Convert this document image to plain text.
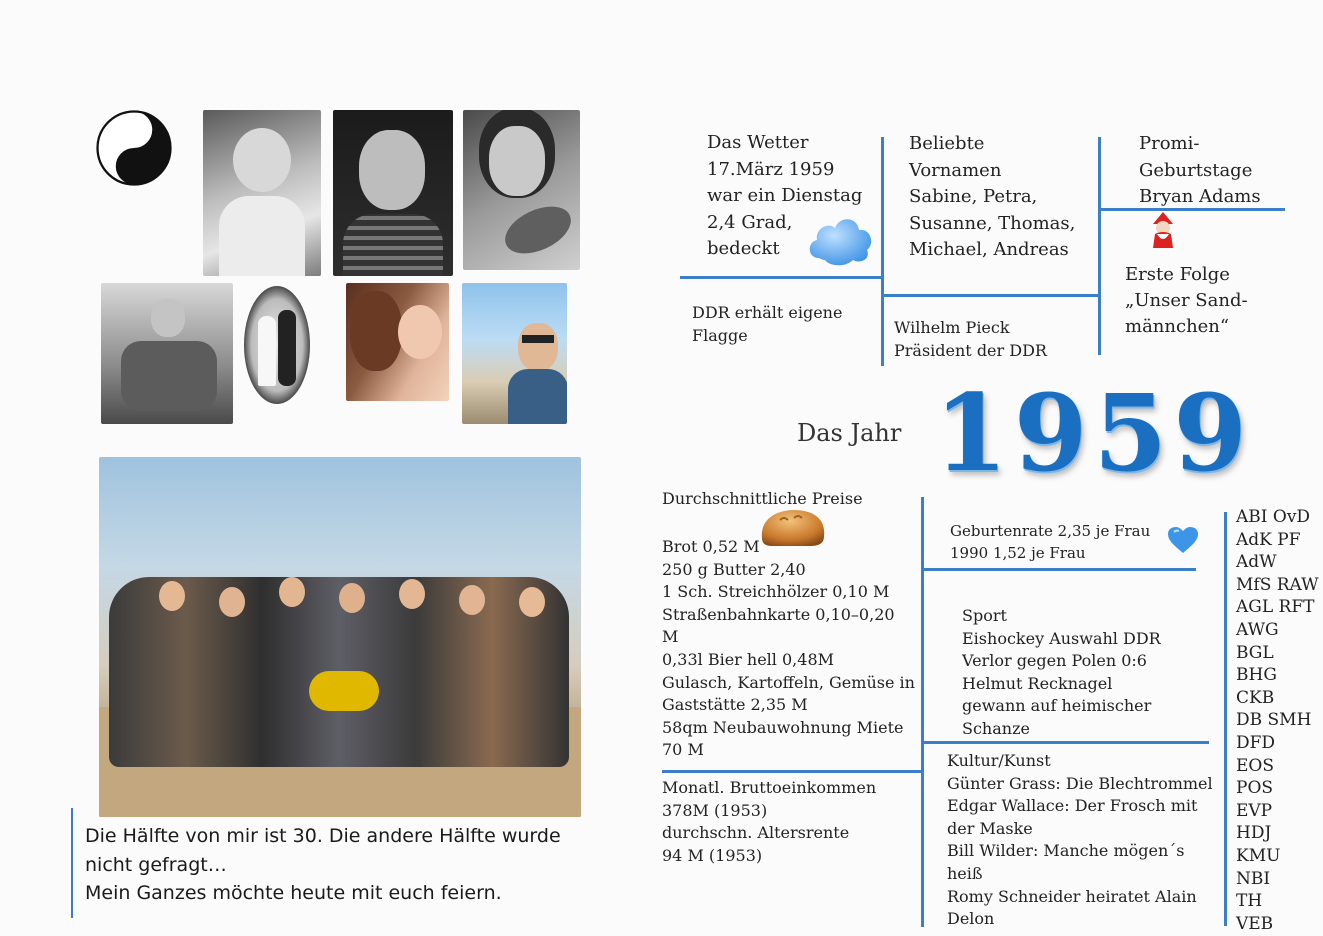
Die Hälfte von mir ist 30. Die andere Hälfte wurde
nicht gefragt…
Mein Ganzes möchte heute mit euch feiern.
Das Wetter
17.März 1959
war ein Dienstag
2,4 Grad,
bedeckt
Beliebte
Vornamen
Sabine, Petra,
Susanne, Thomas,
Michael, Andreas
Promi-
Geburtstage
Bryan Adams
Erste Folge
„Unser Sand-
männchen“
DDR erhält eigene
Flagge	Wilhelm Pieck
Präsident der DDR
Das Jahr 1959
Durchschnittliche Preise
Brot 0,52 M
250 g Butter 2,40
1 Sch. Streichhölzer 0,10 M
Straßenbahnkarte 0,10–0,20
M
0,33l Bier hell 0,48M
Gulasch, Kartoffeln, Gemüse in
Gaststätte 2,35 M
58qm Neubauwohnung Miete
70 M
Monatl. Bruttoeinkommen
378M (1953)
durchschn. Altersrente
94 M (1953)
Geburtenrate 2,35 je Frau
1990 1,52 je Frau
Sport
Eishockey Auswahl DDR
Verlor gegen Polen 0:6
Helmut Recknagel
gewann auf heimischer
Schanze
Kultur/Kunst
Günter Grass: Die Blechtrommel
Edgar Wallace: Der Frosch mit
der Maske
Bill Wilder: Manche mögen´s
heiß
Romy Schneider heiratet Alain
Delon
ABI OvD
AdK PF
AdW
MfS RAW
AGL RFT
AWG
BGL
BHG
CKB
DB SMH
DFD
EOS
POS
EVP
HDJ
KMU
NBI
TH
VEB
